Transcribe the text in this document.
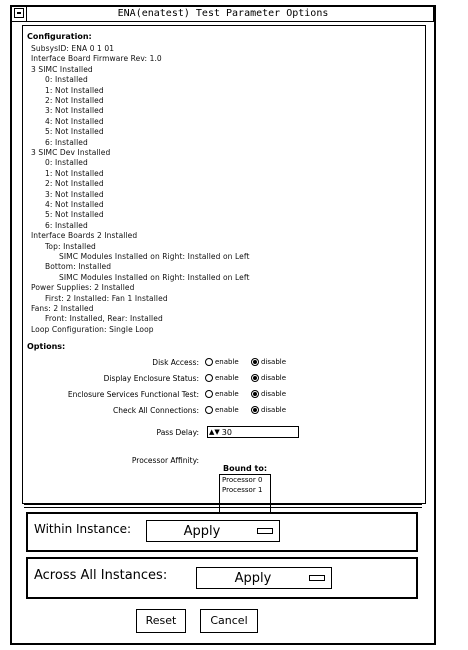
ENA(enatest) Test Parameter Options
Configuration:
SubsysID: ENA 0 1 01
Interface Board Firmware Rev: 1.0
3 SIMC Installed
0: Installed
1: Not Installed
2: Not Installed
3: Not Installed
4: Not Installed
5: Not Installed
6: Installed
3 SIMC Dev Installed
0: Installed
1: Not Installed
2: Not Installed
3: Not Installed
4: Not Installed
5: Not Installed
6: Installed
Interface Boards 2 Installed
Top: Installed
SIMC Modules Installed on Right: Installed on Left
Bottom: Installed
SIMC Modules Installed on Right: Installed on Left
Power Supplies: 2 Installed
First: 2 Installed: Fan 1 Installed
Fans: 2 Installed
Front: Installed, Rear: Installed
Loop Configuration: Single Loop
Options:
Disk Access: enable	disable
Display Enclosure Status: enable	disable
Enclosure Services Functional Test: enable	disable
Check All Connections: enable	disable
Pass Delay: ▲▼ 30
Bound to:
Processor Affinity:
Processor 0
Processor 1
Within Instance:	Apply
Across All Instances:	Apply
Reset	Cancel
